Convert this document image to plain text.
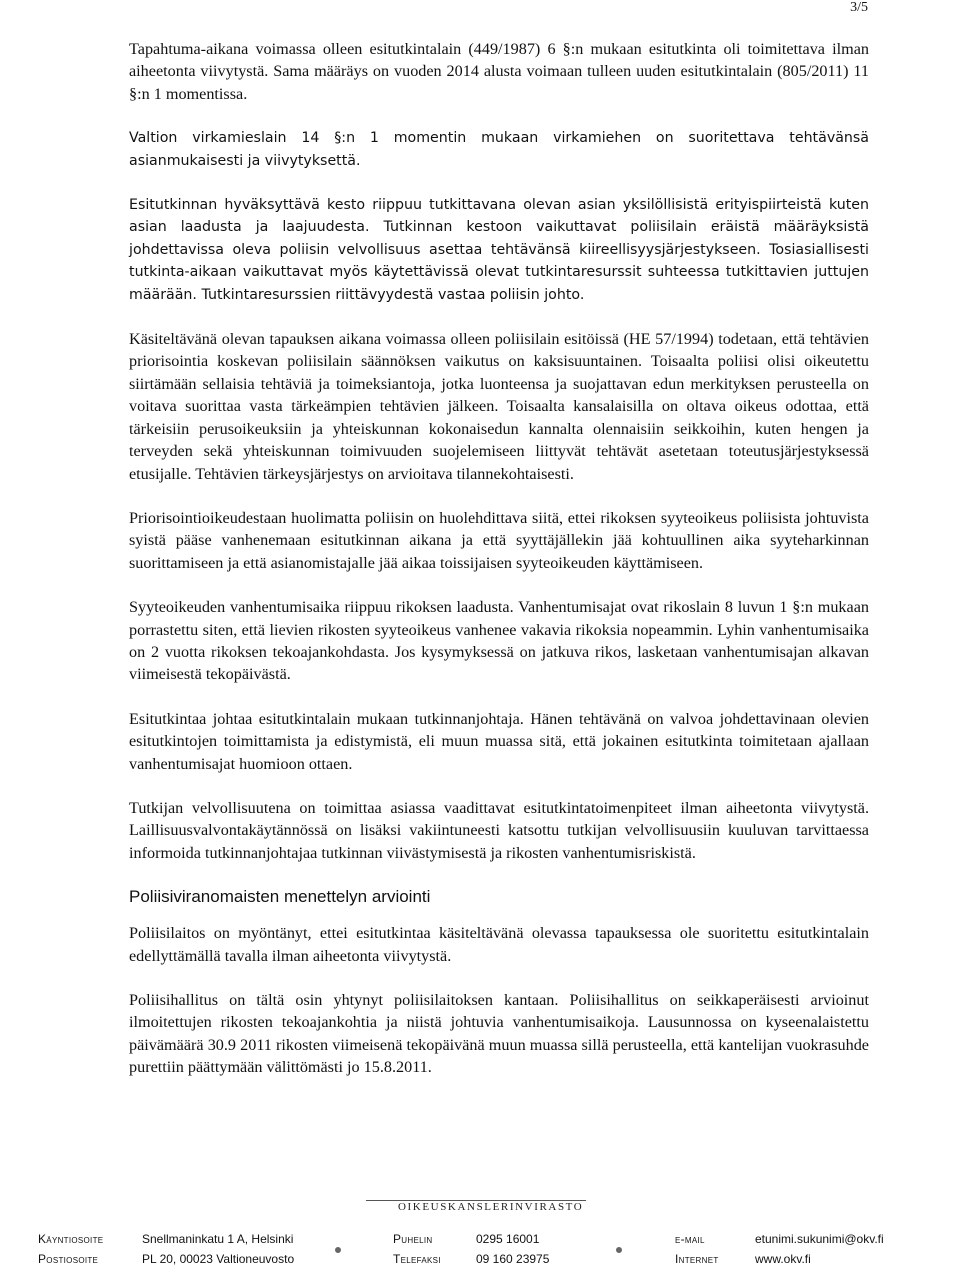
3/5

Tapahtuma-aikana voimassa olleen esitutkintalain (449/1987) 6 §:n mukaan esitutkinta oli toimitettava ilman aiheetonta viivytystä. Sama määräys on vuoden 2014 alusta voimaan tulleen uuden esitutkintalain (805/2011) 11 §:n 1 momentissa.

Valtion virkamieslain 14 §:n 1 momentin mukaan virkamiehen on suoritettava tehtävänsä asianmukaisesti ja viivytyksettä.

Esitutkinnan hyväksyttävä kesto riippuu tutkittavana olevan asian yksilöllisistä erityispiirteistä kuten asian laadusta ja laajuudesta. Tutkinnan kestoon vaikuttavat poliisilain eräistä määräyksistä johdettavissa oleva poliisin velvollisuus asettaa tehtävänsä kiireellisyysjärjestykseen. Tosiasiallisesti tutkinta-aikaan vaikuttavat myös käytettävissä olevat tutkintaresurssit suhteessa tutkittavien juttujen määrään. Tutkintaresurssien riittävyydestä vastaa poliisin johto.

Käsiteltävänä olevan tapauksen aikana voimassa olleen poliisilain esitöissä (HE 57/1994) todetaan, että tehtävien priorisointia koskevan poliisilain säännöksen vaikutus on kaksisuuntainen. Toisaalta poliisi olisi oikeutettu siirtämään sellaisia tehtäviä ja toimeksiantoja, jotka luonteensa ja suojattavan edun merkityksen perusteella on voitava suorittaa vasta tärkeämpien tehtävien jälkeen. Toisaalta kansalaisilla on oltava oikeus odottaa, että tärkeisiin perusoikeuksiin ja yhteiskunnan kokonaisedun kannalta olennaisiin seikkoihin, kuten hengen ja terveyden sekä yhteiskunnan toimivuuden suojelemiseen liittyvät tehtävät asetetaan toteutusjärjestyksessä etusijalle. Tehtävien tärkeysjärjestys on arvioitava tilannekohtaisesti.

Priorisointioikeudestaan huolimatta poliisin on huolehdittava siitä, ettei rikoksen syyteoikeus poliisista johtuvista syistä pääse vanhenemaan esitutkinnan aikana ja että syyttäjällekin jää kohtuullinen aika syyteharkinnan suorittamiseen ja että asianomistajalle jää aikaa toissijaisen syyteoikeuden käyttämiseen.

Syyteoikeuden vanhentumisaika riippuu rikoksen laadusta. Vanhentumisajat ovat rikoslain 8 luvun 1 §:n mukaan porrastettu siten, että lievien rikosten syyteoikeus vanhenee vakavia rikoksia nopeammin. Lyhin vanhentumisaika on 2 vuotta rikoksen tekoajankohdasta. Jos kysymyksessä on jatkuva rikos, lasketaan vanhentumisajan alkavan viimeisestä tekopäivästä.

Esitutkintaa johtaa esitutkintalain mukaan tutkinnanjohtaja. Hänen tehtävänä on valvoa johdettavinaan olevien esitutkintojen toimittamista ja edistymistä, eli muun muassa sitä, että jokainen esitutkinta toimitetaan ajallaan vanhentumisajat huomioon ottaen.

Tutkijan velvollisuutena on toimittaa asiassa vaadittavat esitutkintatoimenpiteet ilman aiheetonta viivytystä. Laillisuusvalvontakäytännössä on lisäksi vakiintuneesti katsottu tutkijan velvollisuusiin kuuluvan tarvittaessa informoida tutkinnanjohtajaa tutkinnan viivästymisestä ja rikosten vanhentumisriskistä.

Poliisiviranomaisten menettelyn arviointi

Poliisilaitos on myöntänyt, ettei esitutkintaa käsiteltävänä olevassa tapauksessa ole suoritettu esitutkintalain edellyttämällä tavalla ilman aiheetonta viivytystä.

Poliisihallitus on tältä osin yhtynyt poliisilaitoksen kantaan. Poliisihallitus on seikkaperäisesti arvioinut ilmoitettujen rikosten tekoajankohtia ja niistä johtuvia vanhentumisaikoja. Lausunnossa on kyseenalaistettu päivämäärä 30.9 2011 rikosten viimeisenä tekopäivänä muun muassa sillä perusteella, että kantelijan vuokrasuhde purettiin päättymään välittömästi jo 15.8.2011.

OIKEUSKANSLERINVIRASTO
Käyntiosoite	Snellmaninkatu 1 A, Helsinki
Postiosoite	PL 20, 00023 Valtioneuvosto
Puhelin	0295 16001
Telefaksi	09 160 23975
e-mail	etunimi.sukunimi@okv.fi
Internet	www.okv.fi
